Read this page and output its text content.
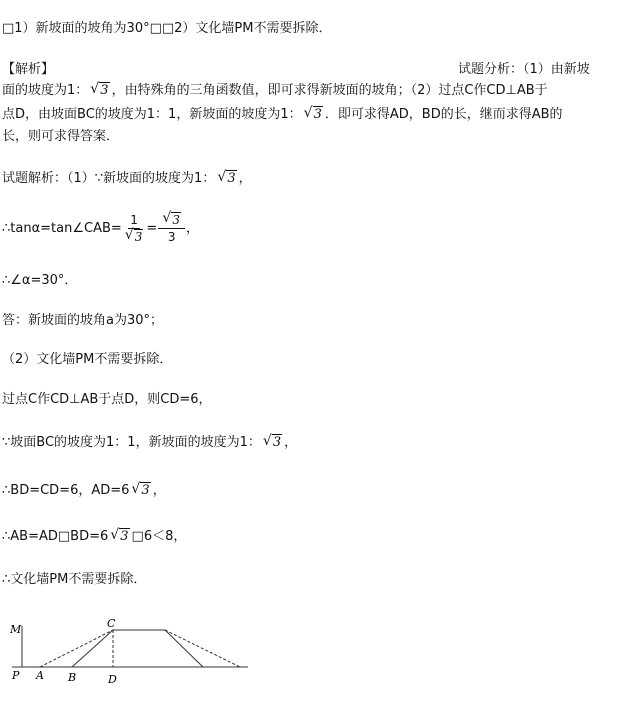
□1）新坡面的坡角为30°□□2）文化墙PM不需要拆除．
【解析】	试题分析：（1）由新坡
面的坡度为1： √ 3 ，由特殊角的三角函数值，即可求得新坡面的坡角；（2）过点C作CD⊥AB于
点D，由坡面BC的坡度为1：1，新坡面的坡度为1： √ 3 ．即可求得AD，BD的长，继而求得AB的
长，则可求得答案．
试题解析：（1）∵新坡面的坡度为1： √ 3 ，
∴tanα=tan∠CAB= 1
√ 3 = √ $\frac{3}{3}$ ，
∴∠α=30°．
答：新坡面的坡角a为30°；
（2）文化墙PM不需要拆除．
过点C作CD⊥AB于点D，则CD=6，
∵坡面BC的坡度为1：1，新坡面的坡度为1： √ 3 ，
∴BD=CD=6，AD=6 √ 3 ，
∴AB=AD□BD=6 √ 3 □6＜8，
∴文化墙PM不需要拆除．
M	C
P A B	D
